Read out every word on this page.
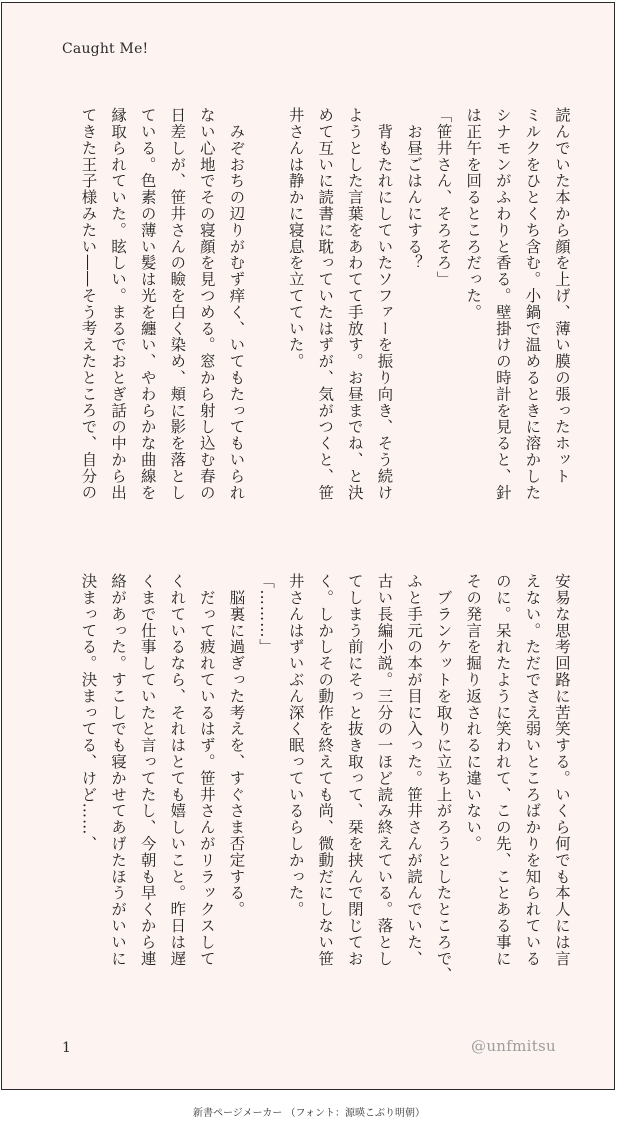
Caught Me!
読んでいた本から顔を上げ、薄い膜の張ったホット
ミルクをひとくち含む。小鍋で温めるときに溶かした
シナモンがふわりと香る。壁掛けの時計を見ると、針
は正午を回るところだった。
「笹井さん、そろそろ」
　お昼ごはんにする？
　背もたれにしていたソファーを振り向き、そう続け
ようとした言葉をあわてて手放す。お昼までね、と決
めて互いに読書に耽っていたはずが、気がつくと、笹
井さんは静かに寝息を立てていた。

　みぞおちの辺りがむず痒く、いてもたってもいられ
ない心地でその寝顔を見つめる。窓から射し込む春の
日差しが、笹井さんの瞼を白く染め、頬に影を落とし
ている。色素の薄い髪は光を纏い、やわらかな曲線を
縁取られていた。眩しい。まるでおとぎ話の中から出
てきた王子様みたい――そう考えたところで、自分の
安易な思考回路に苦笑する。いくら何でも本人には言
えない。ただでさえ弱いところばかりを知られている
のに。呆れたように笑われて、この先、ことある事に
その発言を掘り返されるに違いない。
　ブランケットを取りに立ち上がろうとしたところで、
ふと手元の本が目に入った。笹井さんが読んでいた、
古い長編小説。三分の一ほど読み終えている。落とし
てしまう前にそっと抜き取って、栞を挟んで閉じてお
く。しかしその動作を終えても尚、微動だにしない笹
井さんはずいぶん深く眠っているらしかった。
「………」
　脳裏に過ぎった考えを、すぐさま否定する。
　だって疲れているはず。笹井さんがリラックスして
くれているなら、それはとても嬉しいこと。昨日は遅
くまで仕事していたと言ってたし、今朝も早くから連
絡があった。すこしでも寝かせてあげたほうがいいに
決まってる。決まってる、けど……、
1	@unfmitsu
新書ページメーカー （フォント：源暎こぶり明朝）
